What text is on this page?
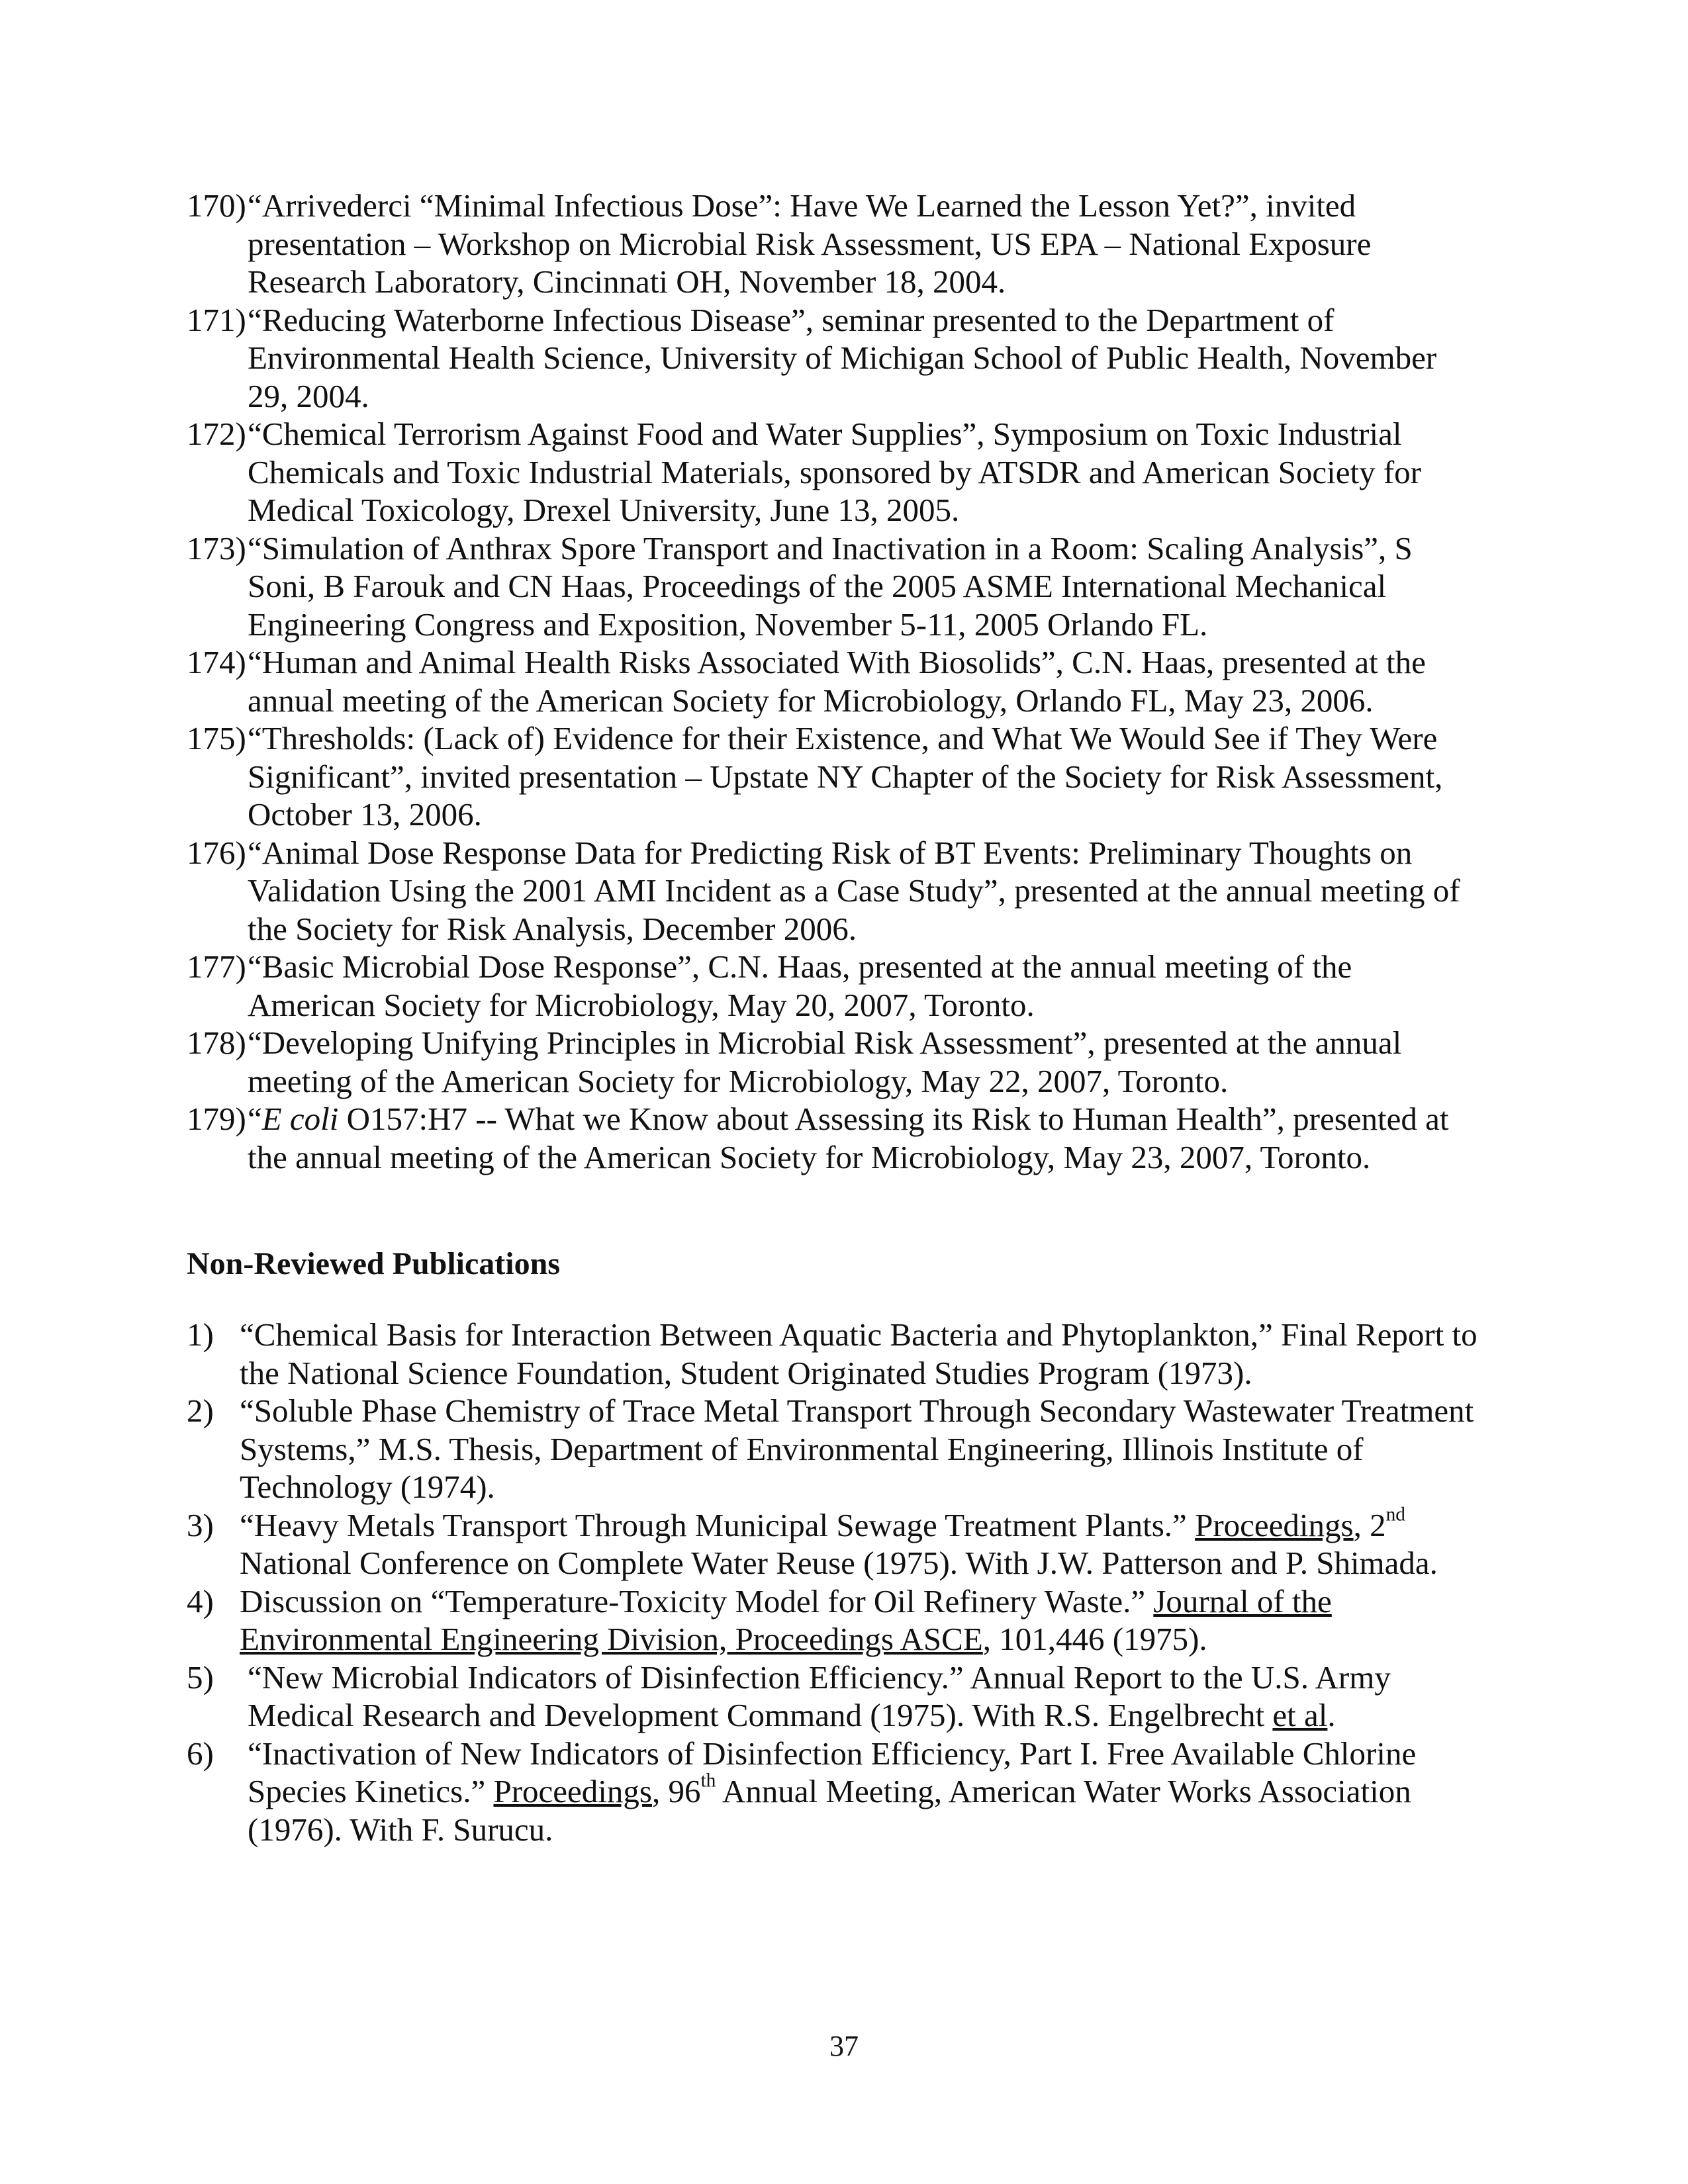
170)“Arrivederci “Minimal Infectious Dose”: Have We Learned the Lesson Yet?”, invited presentation – Workshop on Microbial Risk Assessment, US EPA – National Exposure Research Laboratory, Cincinnati OH, November 18, 2004.
171)“Reducing Waterborne Infectious Disease”, seminar presented to the Department of Environmental Health Science, University of Michigan School of Public Health, November 29, 2004.
172)“Chemical Terrorism Against Food and Water Supplies”, Symposium on Toxic Industrial Chemicals and Toxic Industrial Materials, sponsored by ATSDR and American Society for Medical Toxicology, Drexel University, June 13, 2005.
173)“Simulation of Anthrax Spore Transport and Inactivation in a Room: Scaling Analysis”, S Soni, B Farouk and CN Haas, Proceedings of the 2005 ASME International Mechanical Engineering Congress and Exposition, November 5-11, 2005 Orlando FL.
174)“Human and Animal Health Risks Associated With Biosolids”, C.N. Haas, presented at the annual meeting of the American Society for Microbiology, Orlando FL, May 23, 2006.
175)“Thresholds: (Lack of) Evidence for their Existence, and What We Would See if They Were Significant”, invited presentation – Upstate NY Chapter of the Society for Risk Assessment, October 13, 2006.
176)“Animal Dose Response Data for Predicting Risk of BT Events: Preliminary Thoughts on Validation Using the 2001 AMI Incident as a Case Study”, presented at the annual meeting of the Society for Risk Analysis, December 2006.
177)“Basic Microbial Dose Response”, C.N. Haas, presented at the annual meeting of the American Society for Microbiology, May 20, 2007, Toronto.
178)“Developing Unifying Principles in Microbial Risk Assessment”, presented at the annual meeting of the American Society for Microbiology, May 22, 2007, Toronto.
179)“E coli O157:H7 -- What we Know about Assessing its Risk to Human Health”, presented at the annual meeting of the American Society for Microbiology, May 23, 2007, Toronto.
Non-Reviewed Publications
1) “Chemical Basis for Interaction Between Aquatic Bacteria and Phytoplankton,” Final Report to the National Science Foundation, Student Originated Studies Program (1973).
2) “Soluble Phase Chemistry of Trace Metal Transport Through Secondary Wastewater Treatment Systems,” M.S. Thesis, Department of Environmental Engineering, Illinois Institute of Technology (1974).
3) “Heavy Metals Transport Through Municipal Sewage Treatment Plants.” Proceedings, 2nd National Conference on Complete Water Reuse (1975). With J.W. Patterson and P. Shimada.
4) Discussion on “Temperature-Toxicity Model for Oil Refinery Waste.” Journal of the Environmental Engineering Division, Proceedings ASCE, 101,446 (1975).
5) “New Microbial Indicators of Disinfection Efficiency.” Annual Report to the U.S. Army Medical Research and Development Command (1975). With R.S. Engelbrecht et al.
6) “Inactivation of New Indicators of Disinfection Efficiency, Part I. Free Available Chlorine Species Kinetics.” Proceedings, 96th Annual Meeting, American Water Works Association (1976). With F. Surucu.
37
